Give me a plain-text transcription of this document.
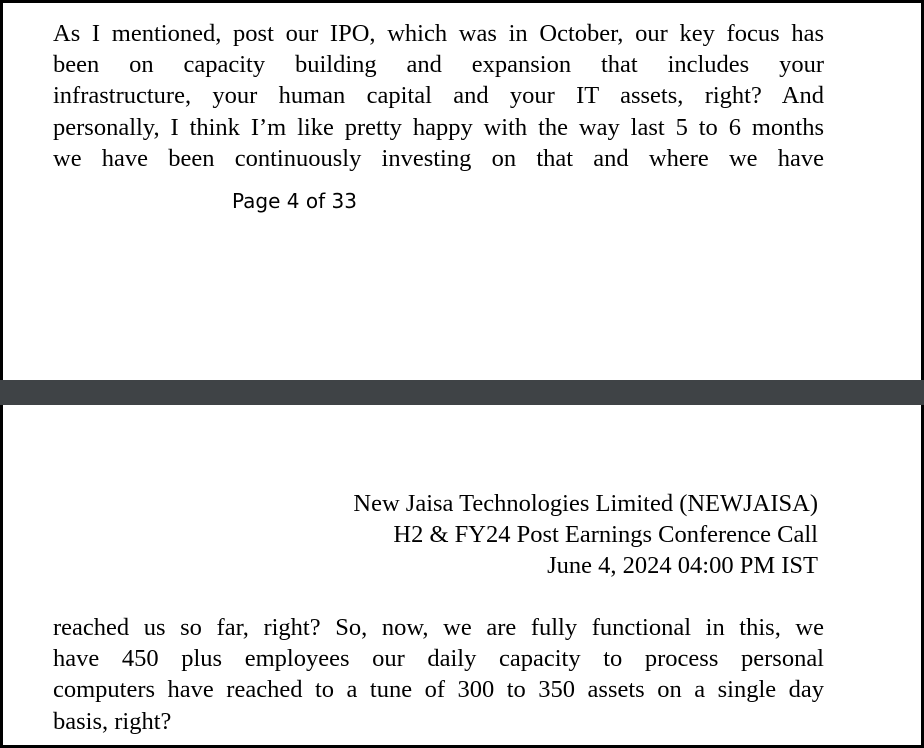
As I mentioned, post our IPO, which was in October, our key focus has
been on capacity building and expansion that includes your
infrastructure, your human capital and your IT assets, right? And
personally, I think I’m like pretty happy with the way last 5 to 6 months
we have been continuously investing on that and where we have
Page 4 of 33
New Jaisa Technologies Limited (NEWJAISA)
H2 & FY24 Post Earnings Conference Call
June 4, 2024 04:00 PM IST
reached us so far, right? So, now, we are fully functional in this, we
have 450 plus employees our daily capacity to process personal
computers have reached to a tune of 300 to 350 assets on a single day
basis, right?
